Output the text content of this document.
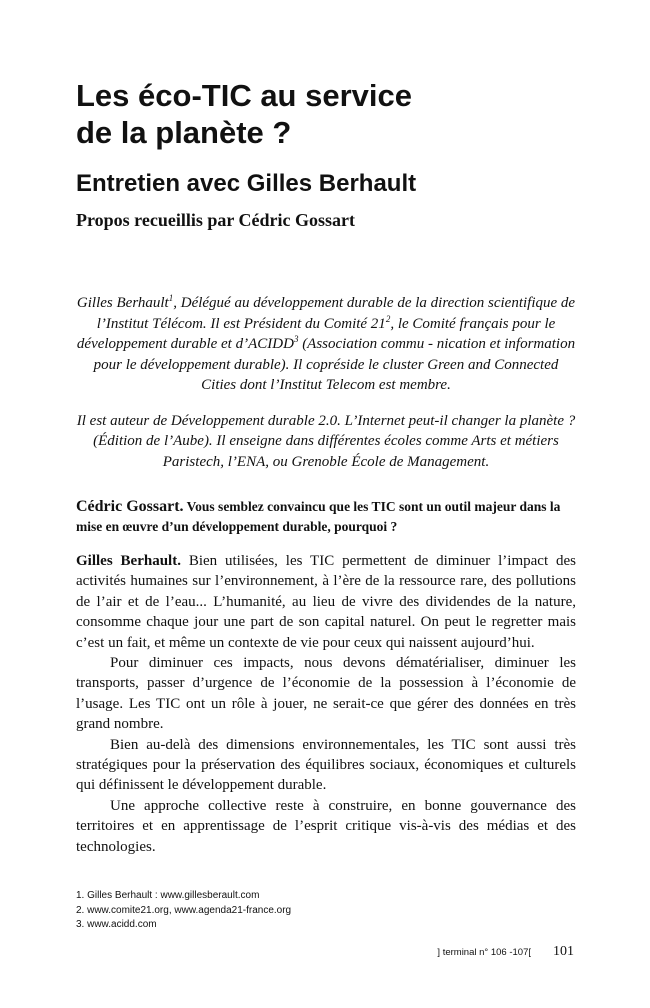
Les éco-TIC au service
de la planète ?
Entretien avec Gilles Berhault
Propos recueillis par Cédric Gossart

Gilles Berhault$^1$, Délégué au développement durable de la direction scientifique de l’Institut Télécom. Il est Président du Comité $21^2$, le Comité français pour le développement durable et d’ACIDD$^3$ (Association commu - nication et information pour le développement durable). Il copréside le cluster Green and Connected Cities dont l’Institut Telecom est membre.

Il est auteur de Développement durable 2.0. L’Internet peut-il changer la planète ? (Édition de l’Aube). Il enseigne dans différentes écoles comme Arts et métiers Paristech, l’ENA, ou Grenoble École de Management.

Cédric Gossart. Vous semblez convaincu que les TIC sont un outil majeur dans la mise en œuvre d’un développement durable, pourquoi ?

Gilles Berhault. Bien utilisées, les TIC permettent de diminuer l’impact des activités humaines sur l’environnement, à l’ère de la ressource rare, des pollutions de l’air et de l’eau... L’humanité, au lieu de vivre des dividendes de la nature, consomme chaque jour une part de son capital naturel. On peut le regretter mais c’est un fait, et même un contexte de vie pour ceux qui naissent aujourd’hui.

Pour diminuer ces impacts, nous devons dématérialiser, diminuer les transports, passer d’urgence de l’économie de la possession à l’économie de l’usage. Les TIC ont un rôle à jouer, ne serait-ce que gérer des données en très grand nombre.

Bien au-delà des dimensions environnementales, les TIC sont aussi très stratégiques pour la préservation des équilibres sociaux, économiques et culturels qui définissent le développement durable.

Une approche collective reste à construire, en bonne gouvernance des territoires et en apprentissage de l’esprit critique vis-à-vis des médias et des technologies.

1. Gilles Berhault : www.gillesberault.com
2. www.comite21.org, www.agenda21-france.org
3. www.acidd.com
] terminal n° 106 -107[ 101
